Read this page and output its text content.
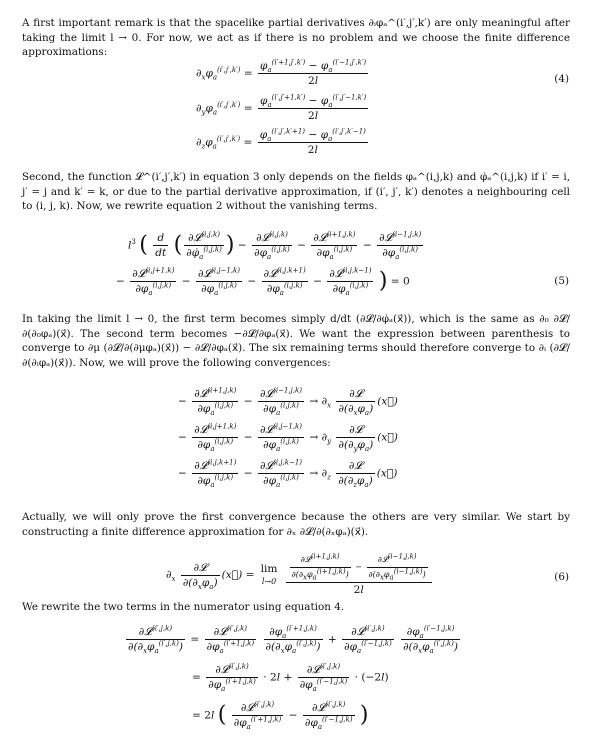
A first important remark is that the spacelike partial derivatives ∂ᵢφₐ^(i′,j′,k′) are only meaningful after taking the limit l → 0. For now, we act as if there is no problem and we choose the finite difference approximations:

$\partial_x\varphi_a^{(i',j',k')} = \frac{\varphi_a^{(i'+1,j',k')} - \varphi_a^{(i'-1,j',k')}}{2l}$	(4)
$\partial_y\varphi_a^{(i',j',k')} = \frac{\varphi_a^{(i',j'+1,k')} - \varphi_a^{(i',j'-1,k')}}{2l}$
$\partial_z\varphi_a^{(i',j',k')} = \frac{\varphi_a^{(i',j',k'+1)} - \varphi_a^{(i',j',k'-1)}}{2l}$

Second, the function 𝓛^(i′,j′,k′) in equation 3 only depends on the fields φₐ^(i,j,k) and φ̇ₐ^(i,j,k) if i′ = i, j′ = j and k′ = k, or due to the partial derivative approximation, if (i′, j′, k′) denotes a neighbouring cell to (i, j, k). Now, we rewrite equation 2 without the vanishing terms.

$l^3$ ( $\frac{d}{dt}$ ( $\frac{\partial 𝓛^{(i,j,k)}}{\partial\varphi̇_a^{(i,j,k)}}$ ) − $\frac{\partial 𝓛^{(i,j,k)}}{\partial\varphi_a^{(i,j,k)}} - \frac{\partial 𝓛^{(i+1,j,k)}}{\partial\varphi_a^{(i,j,k)}} - \frac{\partial 𝓛^{(i-1,j,k)}}{\partial\varphi_a^{(i,j,k)}}$
− $\frac{\partial 𝓛^{(i,j+1,k)}}{\partial\varphi_a^{(i,j,k)}} - \frac{\partial 𝓛^{(i,j-1,k)}}{\partial\varphi_a^{(i,j,k)}} - \frac{\partial 𝓛^{(i,j,k+1)}}{\partial\varphi_a^{(i,j,k)}} - \frac{\partial 𝓛^{(i,j,k-1)}}{\partial\varphi_a^{(i,j,k)}}$ ) = 0	(5)

In taking the limit l → 0, the first term becomes simply d/dt (∂𝓛/∂φ̇ₐ(x⃗)), which is the same as ∂₀ ∂𝓛/∂(∂₀φₐ)(x⃗). The second term becomes −∂𝓛/∂φₐ(x⃗). We want the expression between parenthesis to converge to ∂μ (∂𝓛/∂(∂μφₐ)(x⃗)) − ∂𝓛/∂φₐ(x⃗). The six remaining terms should therefore converge to ∂ᵢ (∂𝓛/∂(∂ᵢφₐ)(x⃗)). Now, we will prove the following convergences:

− $\frac{\partial 𝓛^{(i+1,j,k)}}{\partial\varphi_a^{(i,j,k)}} - \frac{\partial 𝓛^{(i-1,j,k)}}{\partial\varphi_a^{(i,j,k)}} \to \partial_x \frac{\text{∂𝓛}}{\partial(\partial_x\varphi_a)}$ (x⃗)
− $\frac{\partial 𝓛^{(i,j+1,k)}}{\partial\varphi_a^{(i,j,k)}} - \frac{\partial 𝓛^{(i,j-1,k)}}{\partial\varphi_a^{(i,j,k)}} \to \partial_y \frac{\text{∂𝓛}}{\partial(\partial_y\varphi_a)}$ (x⃗)
− $\frac{\partial 𝓛^{(i,j,k+1)}}{\partial\varphi_a^{(i,j,k)}} - \frac{\partial 𝓛^{(i,j,k-1)}}{\partial\varphi_a^{(i,j,k)}} \to \partial_z \frac{\text{∂𝓛}}{\partial(\partial_z\varphi_a)}$ (x⃗)

Actually, we will only prove the first convergence because the others are very similar. We start by constructing a finite difference approximation for ∂ₓ ∂𝓛/∂(∂ₓφₐ)(x⃗).

$\partial_x \frac{\text{∂𝓛}}{\partial(\partial_x\varphi_a)}$ (x⃗) =
lim
l→0
$\frac{\partial 𝓛^{(i+1,j,k)}}{\partial(\partial_x\varphi_a^{(i+1,j,k)})} - \frac{\partial 𝓛^{(i-1,j,k)}}{\partial(\partial_x\varphi_a^{(i-1,j,k)})}$
2l
(6)

We rewrite the two terms in the numerator using equation 4.

$\frac{\partial 𝓛^{(i',j,k)}}{\partial(\partial_x\varphi_a^{(i',j,k)})} = \frac{\partial 𝓛^{(i',j,k)}}{\partial\varphi_a^{(i'+1,j,k)}}$
$\frac{\partial\varphi_a^{(i'+1,j,k)}}{\partial(\partial_x\varphi_a^{(i',j,k)})} + \frac{\partial 𝓛^{(i',j,k)}}{\partial\varphi_a^{(i'-1,j,k)}}$
$\frac{\partial\varphi_a^{(i'-1,j,k)}}{\partial(\partial_x\varphi_a^{(i',j,k)})}$
= $\frac{\partial 𝓛^{(i',j,k)}}{\partial\varphi_a^{(i'+1,j,k)}} \cdot 2l + \frac{\partial 𝓛^{(i',j,k)}}{\partial\varphi_a^{(i'-1,j,k)}} \cdot (-2l)$
= 2l ( $\frac{\partial 𝓛^{(i',j,k)}}{\partial\varphi_a^{(i'+1,j,k)}} - \frac{\partial 𝓛^{(i',j,k)}}{\partial\varphi_a^{(i'-1,j,k)}}$ )
